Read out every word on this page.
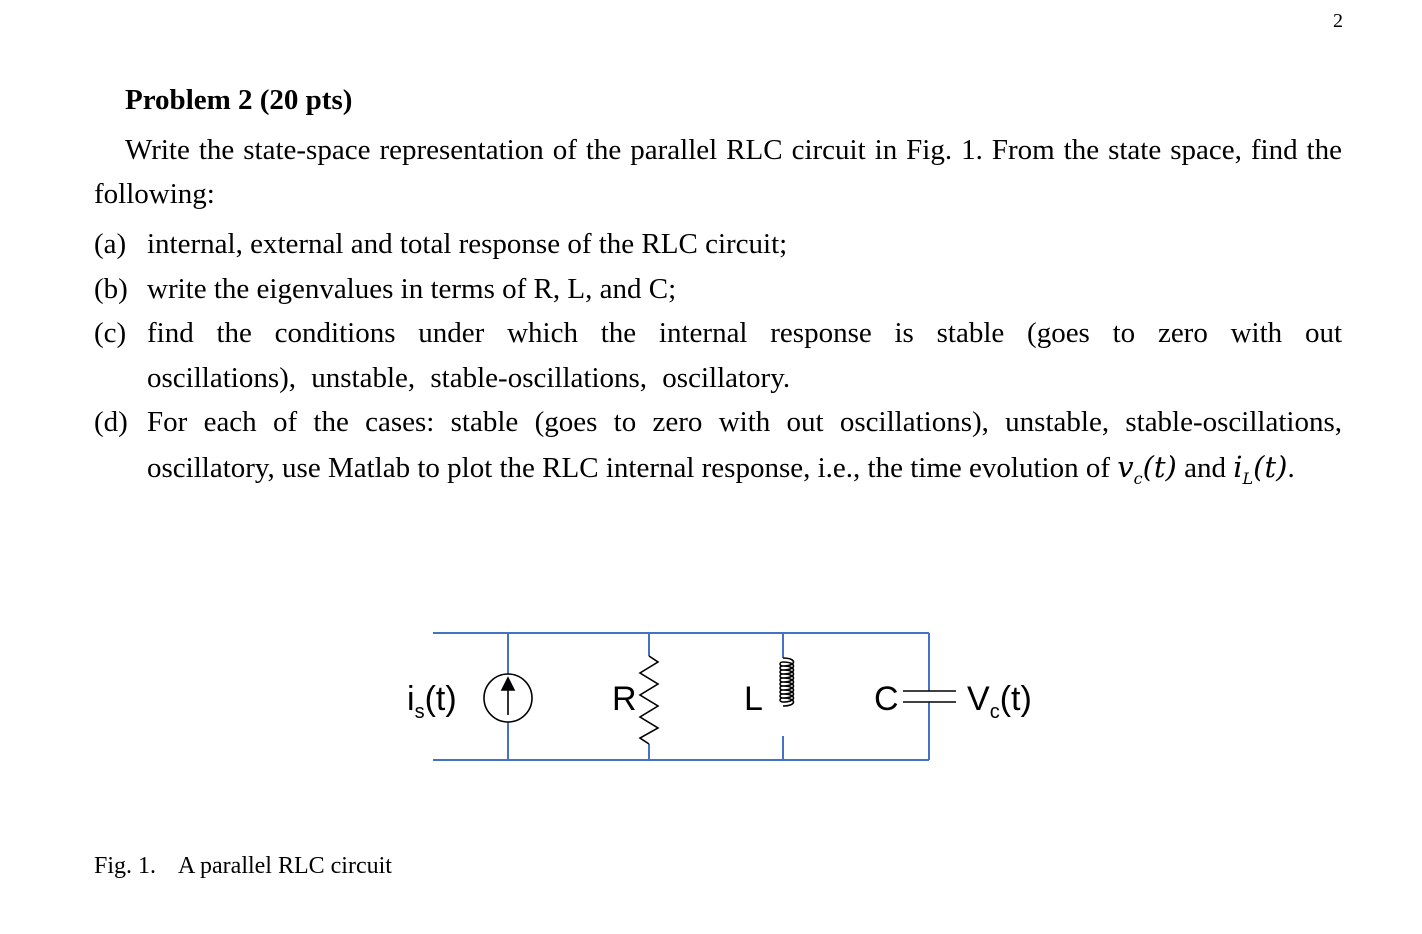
2
Problem 2 (20 pts)

Write the state-space representation of the parallel RLC circuit in Fig. 1. From the state space, find the following:

(a) internal, external and total response of the RLC circuit;
(b) write the eigenvalues in terms of R, L, and C;
(c) find the conditions under which the internal response is stable (goes to zero with out oscillations), unstable, stable-oscillations, oscillatory.
(d) For each of the cases: stable (goes to zero with out oscillations), unstable, stable-oscillations, oscillatory, use Matlab to plot the RLC internal response, i.e., the time evolution of $v_c(t)$ and $i_L(t)$.
$i_s(t)$	R	L	C $V_c(t)$
Fig. 1. A parallel RLC circuit
